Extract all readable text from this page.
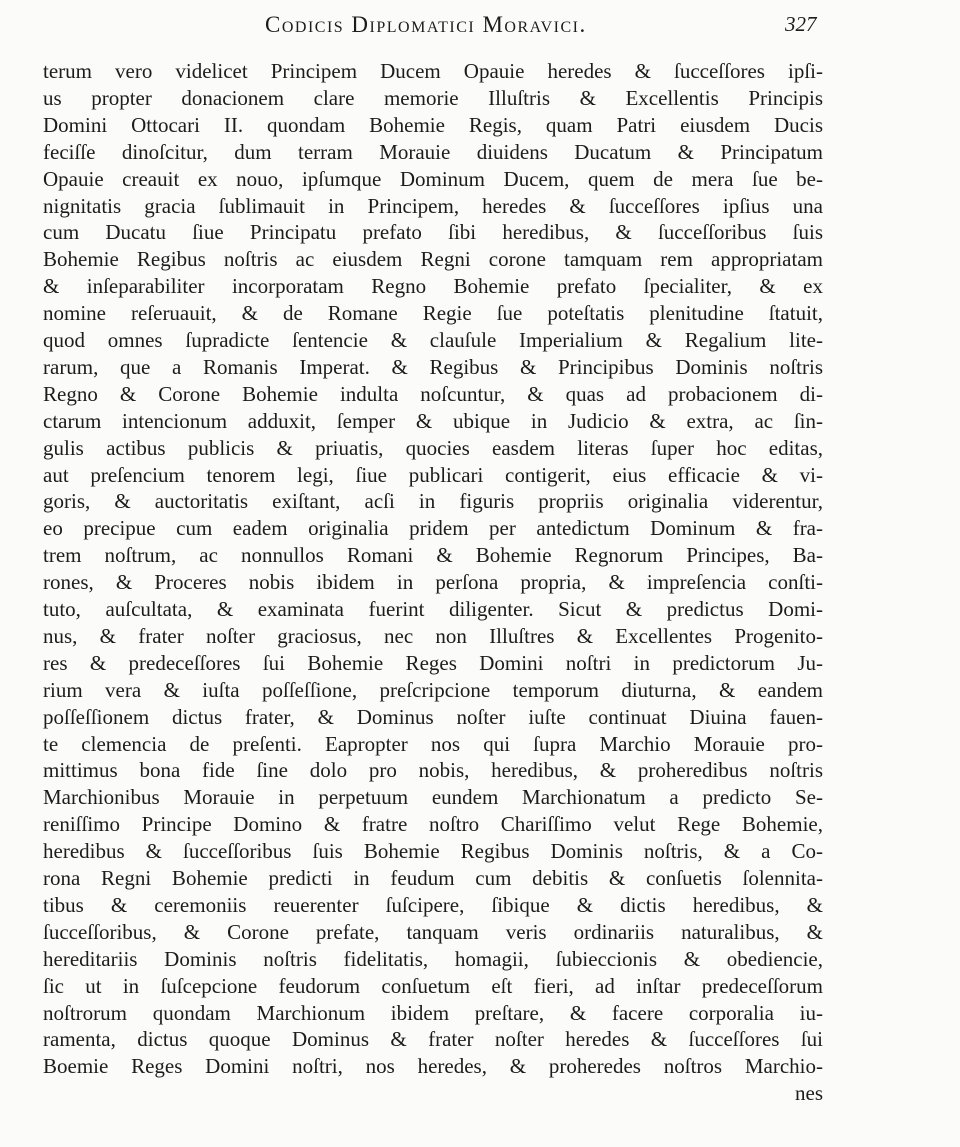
Codicis Diplomatici Moravici.	327
terum vero videlicet Principem Ducem Opauie heredes & ſucceſſores ipſi-
us propter donacionem clare memorie Illuſtris & Excellentis Principis
Domini Ottocari II. quondam Bohemie Regis, quam Patri eiusdem Ducis
feciſſe dinoſcitur, dum terram Morauie diuidens Ducatum & Principatum
Opauie creauit ex nouo, ipſumque Dominum Ducem, quem de mera ſue be-
nignitatis gracia ſublimauit in Principem, heredes & ſucceſſores ipſius una
cum Ducatu ſiue Principatu prefato ſibi heredibus, & ſucceſſoribus ſuis
Bohemie Regibus noſtris ac eiusdem Regni corone tamquam rem appropriatam
& inſeparabiliter incorporatam Regno Bohemie prefato ſpecialiter, & ex
nomine reſeruauit, & de Romane Regie ſue poteſtatis plenitudine ſtatuit,
quod omnes ſupradicte ſentencie & clauſule Imperialium & Regalium lite-
rarum, que a Romanis Imperat. & Regibus & Principibus Dominis noſtris
Regno & Corone Bohemie indulta noſcuntur, & quas ad probacionem di-
ctarum intencionum adduxit, ſemper & ubique in Judicio & extra, ac ſin-
gulis actibus publicis & priuatis, quocies easdem literas ſuper hoc editas,
aut preſencium tenorem legi, ſiue publicari contigerit, eius efficacie & vi-
goris, & auctoritatis exiſtant, acſi in figuris propriis originalia viderentur,
eo precipue cum eadem originalia pridem per antedictum Dominum & fra-
trem noſtrum, ac nonnullos Romani & Bohemie Regnorum Principes, Ba-
rones, & Proceres nobis ibidem in perſona propria, & impreſencia conſti-
tuto, auſcultata, & examinata fuerint diligenter. Sicut & predictus Domi-
nus, & frater noſter graciosus, nec non Illuſtres & Excellentes Progenito-
res & predeceſſores ſui Bohemie Reges Domini noſtri in predictorum Ju-
rium vera & iuſta poſſeſſione, preſcripcione temporum diuturna, & eandem
poſſeſſionem dictus frater, & Dominus noſter iuſte continuat Diuina fauen-
te clemencia de preſenti. Eapropter nos qui ſupra Marchio Morauie pro-
mittimus bona fide ſine dolo pro nobis, heredibus, & proheredibus noſtris
Marchionibus Morauie in perpetuum eundem Marchionatum a predicto Se-
reniſſimo Principe Domino & fratre noſtro Chariſſimo velut Rege Bohemie,
heredibus & ſucceſſoribus ſuis Bohemie Regibus Dominis noſtris, & a Co-
rona Regni Bohemie predicti in feudum cum debitis & conſuetis ſolennita-
tibus & ceremoniis reuerenter ſuſcipere, ſibique & dictis heredibus, &
ſucceſſoribus, & Corone prefate, tanquam veris ordinariis naturalibus, &
hereditariis Dominis noſtris fidelitatis, homagii, ſubieccionis & obediencie,
ſic ut in ſuſcepcione feudorum conſuetum eſt fieri, ad inſtar predeceſſorum
noſtrorum quondam Marchionum ibidem preſtare, & facere corporalia iu-
ramenta, dictus quoque Dominus & frater noſter heredes & ſucceſſores ſui
Boemie Reges Domini noſtri, nos heredes, & proheredes noſtros Marchio-
nes
